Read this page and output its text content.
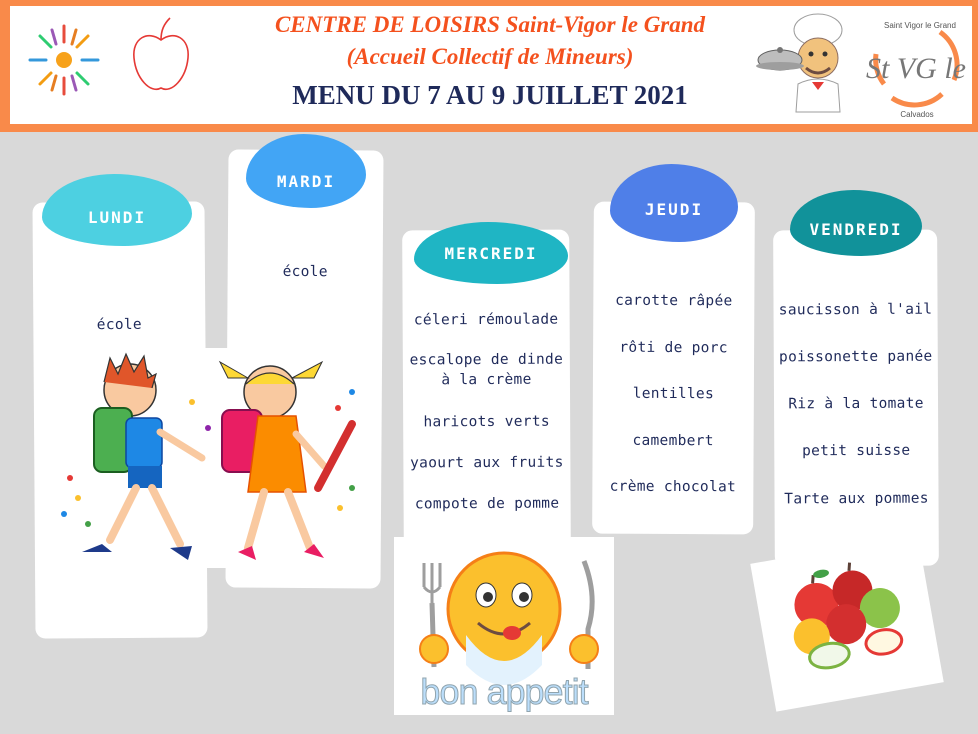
CENTRE DE LOISIRS Saint-Vigor le Grand
(Accueil Collectif de Mineurs)
MENU DU 7 AU 9 JUILLET 2021
Saint Vigor le Grand
St VG le
Calvados
école
LUNDI
école
MARDI
céleri rémoulade
escalope de dinde
à la crème
haricots verts
yaourt aux fruits
compote de pomme
MERCREDI
bon appetit
carotte râpée
rôti de porc
lentilles
camembert
crème chocolat
JEUDI
saucisson à l'ail
poissonette panée
Riz à la tomate
petit suisse
Tarte aux pommes
VENDREDI
